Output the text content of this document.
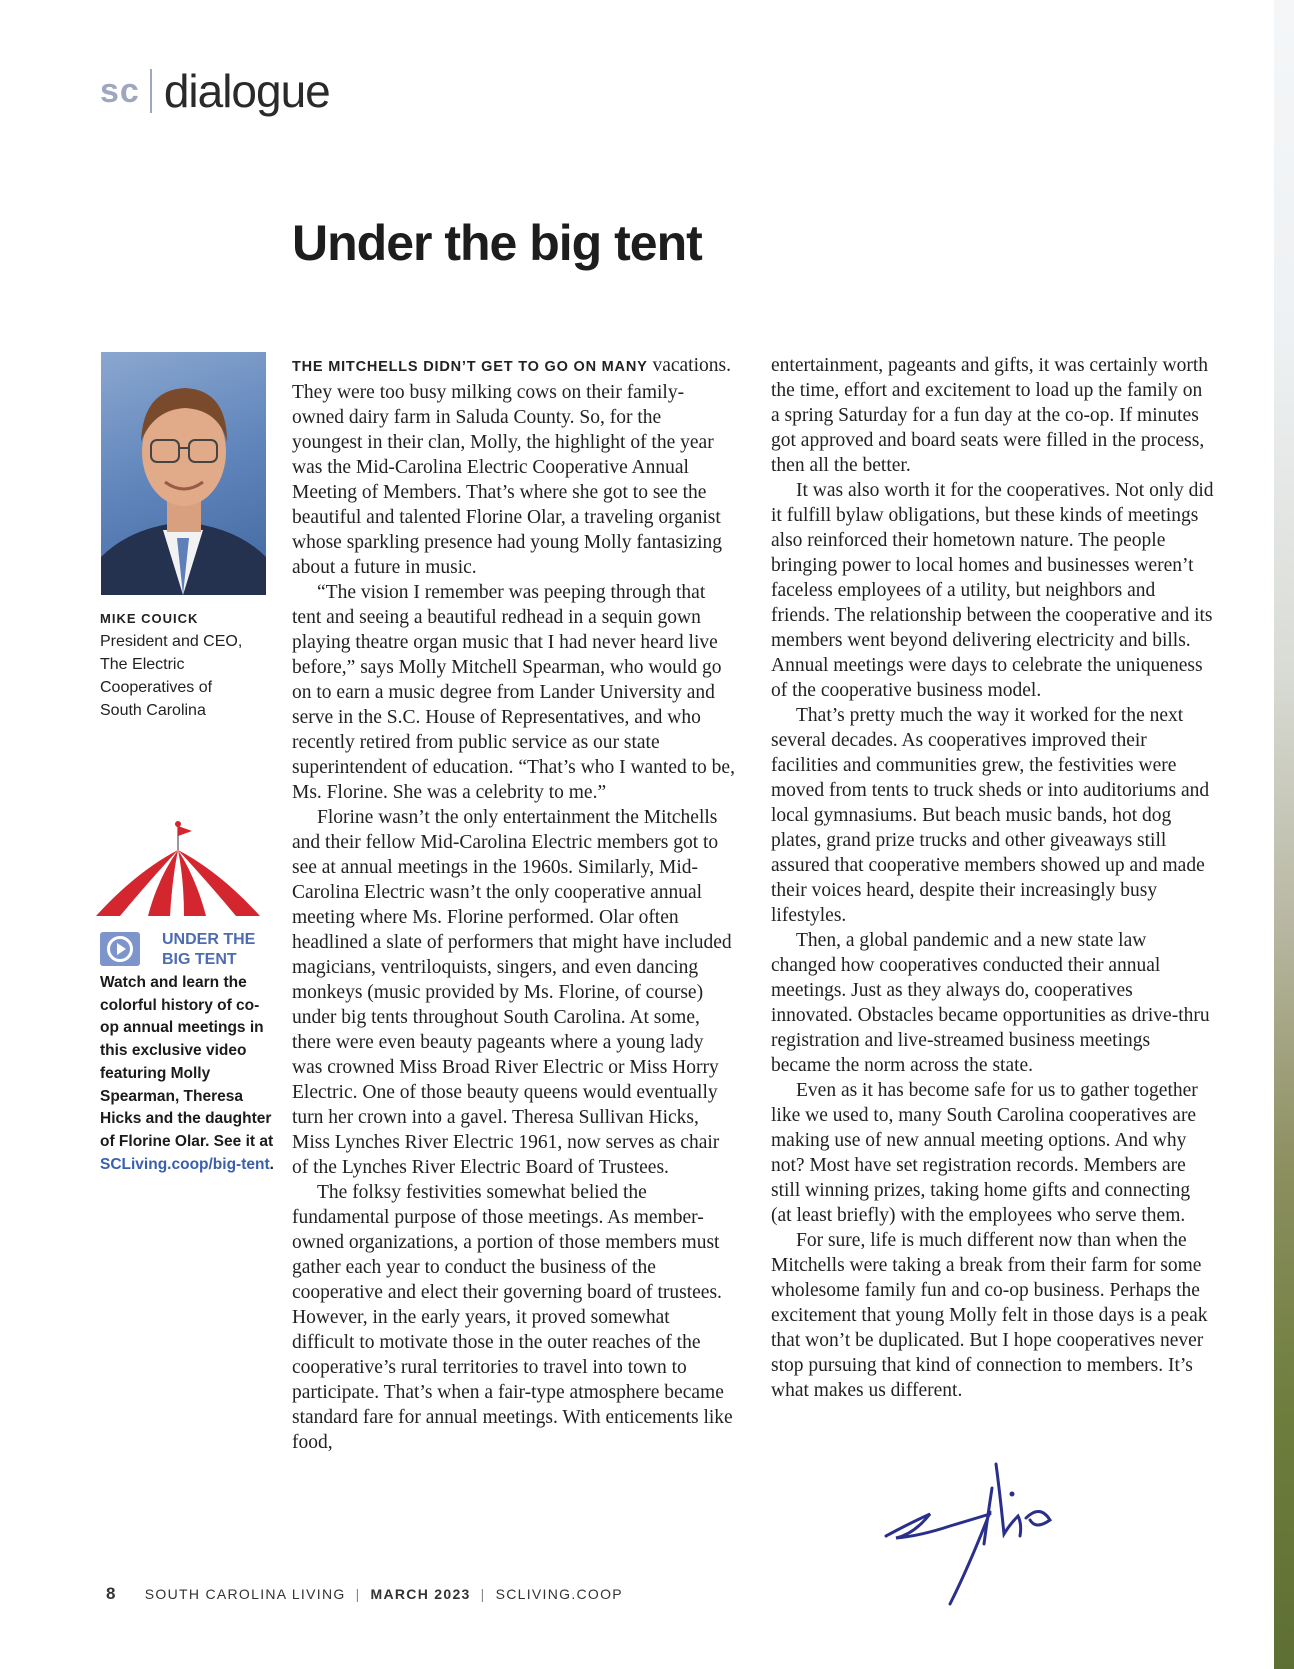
sc dialogue
Under the big tent
MIKE COUICK
President and CEO,
The Electric
Cooperatives of
South Carolina
UNDER THE
BIG TENT
Watch and learn the colorful history of co-op annual meetings in this exclusive video featuring Molly Spearman, Theresa Hicks and the daughter of Florine Olar. See it at SCLiving.coop/big-tent.

THE MITCHELLS DIDN’T GET TO GO ON MANY vacations. They were too busy milking cows on their family-owned dairy farm in Saluda County. So, for the youngest in their clan, Molly, the highlight of the year was the Mid-Carolina Electric Cooperative Annual Meeting of Members. That’s where she got to see the beautiful and talented Florine Olar, a traveling organist whose sparkling presence had young Molly fantasizing about a future in music.

“The vision I remember was peeping through that tent and seeing a beautiful redhead in a sequin gown playing theatre organ music that I had never heard live before,” says Molly Mitchell Spearman, who would go on to earn a music degree from Lander University and serve in the S.C. House of Representatives, and who recently retired from public service as our state superintendent of education. “That’s who I wanted to be, Ms. Florine. She was a celebrity to me.”

Florine wasn’t the only entertainment the Mitchells and their fellow Mid-Carolina Electric members got to see at annual meetings in the 1960s. Similarly, Mid-Carolina Electric wasn’t the only cooperative annual meeting where Ms. Florine performed. Olar often headlined a slate of performers that might have included magicians, ventriloquists, singers, and even dancing monkeys (music provided by Ms. Florine, of course) under big tents throughout South Carolina. At some, there were even beauty pageants where a young lady was crowned Miss Broad River Electric or Miss Horry Electric. One of those beauty queens would eventually turn her crown into a gavel. Theresa Sullivan Hicks, Miss Lynches River Electric 1961, now serves as chair of the Lynches River Electric Board of Trustees.

The folksy festivities somewhat belied the fundamental purpose of those meetings. As member-owned organizations, a portion of those members must gather each year to conduct the business of the cooperative and elect their governing board of trustees. However, in the early years, it proved somewhat difficult to motivate those in the outer reaches of the cooperative’s rural territories to travel into town to participate. That’s when a fair-type atmosphere became standard fare for annual meetings. With enticements like food,

entertainment, pageants and gifts, it was certainly worth the time, effort and excitement to load up the family on a spring Saturday for a fun day at the co-op. If minutes got approved and board seats were filled in the process, then all the better.

It was also worth it for the cooperatives. Not only did it fulfill bylaw obligations, but these kinds of meetings also reinforced their hometown nature. The people bringing power to local homes and businesses weren’t faceless employees of a utility, but neighbors and friends. The relationship between the cooperative and its members went beyond delivering electricity and bills. Annual meetings were days to celebrate the uniqueness of the cooperative business model.

That’s pretty much the way it worked for the next several decades. As cooperatives improved their facilities and communities grew, the festivities were moved from tents to truck sheds or into auditoriums and local gymnasiums. But beach music bands, hot dog plates, grand prize trucks and other giveaways still assured that cooperative members showed up and made their voices heard, despite their increasingly busy lifestyles.

Then, a global pandemic and a new state law changed how cooperatives conducted their annual meetings. Just as they always do, cooperatives innovated. Obstacles became opportunities as drive-thru registration and live-streamed business meetings became the norm across the state.

Even as it has become safe for us to gather together like we used to, many South Carolina cooperatives are making use of new annual meeting options. And why not? Most have set registration records. Members are still winning prizes, taking home gifts and connecting (at least briefly) with the employees who serve them.

For sure, life is much different now than when the Mitchells were taking a break from their farm for some wholesome family fun and co-op business. Perhaps the excitement that young Molly felt in those days is a peak that won’t be duplicated. But I hope cooperatives never stop pursuing that kind of connection to members. It’s what makes us different.

8 SOUTH CAROLINA LIVING | MARCH 2023 | SCLIVING.COOP
